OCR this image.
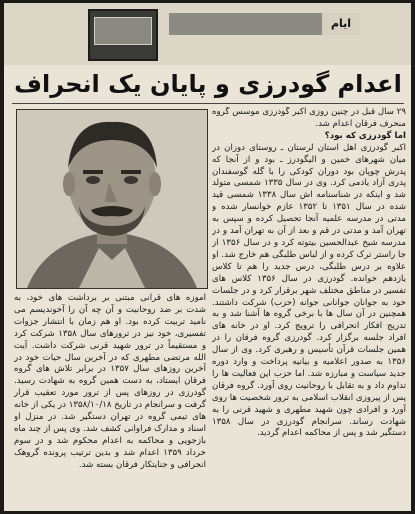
ایام
اعدام گودرزی و پایان یک انحراف

۲۹ سال قبل در چنین روزی اکبر گودرزی موسس گروه منحرف فرقان اعدام شد.

اما گودرزی که بود؟

اکبر گودرزی اهل استان لرستان ـ روستای دوزان در میان شهرهای خمین و الیگودرز ـ بود و از آنجا که پدرش چوپان بود دوران کودکی را با گله گوسفندان پدری آزاد یادمی کرد. وی در سال ۱۳۳۵ شمسی متولد شد و اینکه در شناسنامه اش سال ۱۳۳۸ شمسی قید شده در سال ۱۳۵۱ تا ۱۳۵۲ عازم خوانسار شده و مدتی در مدرسه علمیه آنجا تحصیل کرده و سپس به تهران آمد و مدتی در قم و بعد از آن به تهران آمد و در مدرسه شیخ عبدالحسین بیتوته کرد و در سال ۱۳۵۶ از جا راستر ترک کرده و از لباس طلبگی هم خارج شد. او علاوه بر درس طلبگی، درس جدید را هم تا کلاس یازدهم خوانده. گودرزی در سال ۱۳۵۶ کلاس های تفسیر در مناطق مختلف شهر برقرار کرد و در جلسات خود به جوانان جوانانی جوانه (حزب) شرکت داشتند. همچنین در آن سال ها با برخی گروه ها آشنا شد و به تدریج افکار انحرافی را ترویج کرد. او در خانه های افراد جلسه برگزار کرد. گودرزی گروه فرقان را در همین جلسات قرآن تأسیس و رهبری کرد. وی از سال ۱۳۵۶ به صدور اعلامیه و بیانیه پرداخت و وارد دوره جدید سیاست و مبارزه شد. اما حزب این فعالیت ها را تداوم داد و به تقابل با روحانیت روی آورد. گروه فرقان پس از پیروزی انقلاب اسلامی به ترور شخصیت ها روی آورد و افرادی چون شهید مطهری و شهید قرنی را به شهادت رساند. سرانجام گودرزی در سال ۱۳۵۸ دستگیر شد و پس از محاکمه اعدام گردید.

آموزه های قرآنی مبتنی بر برداشت های خود، به شدت بر ضد روحانیت و آن چه آن را آخوندیسم می نامید تربیت کرده بود. او هم زمان با انتشار جزوات تفسیری، خود نیز در ترورهای سال ۱۳۵۸ شرکت کرد و مستقیماً در ترور شهید قرنی شرکت داشت. آیت الله مرتضی مطهری که در آخرین سال حیات خود در آخرین روزهای سال ۱۳۵۷ در برابر تلاش های گروه فرقان ایستاد، به دست همین گروه به شهادت رسید. گودرزی در روزهای پس از ترور مورد تعقیب قرار گرفت و سرانجام در تاریخ ۱۳۵۸/۱۰/۱۸ در یکی از خانه های تیمی گروه در تهران دستگیر شد. در منزل او اسناد و مدارک فراوانی کشف شد. وی پس از چند ماه بازجویی و محاکمه به اعدام محکوم شد و در سوم خرداد ۱۳۵۹ اعدام شد و بدین ترتیب پرونده گروهک انحرافی و جنایتکار فرقان بسته شد.
